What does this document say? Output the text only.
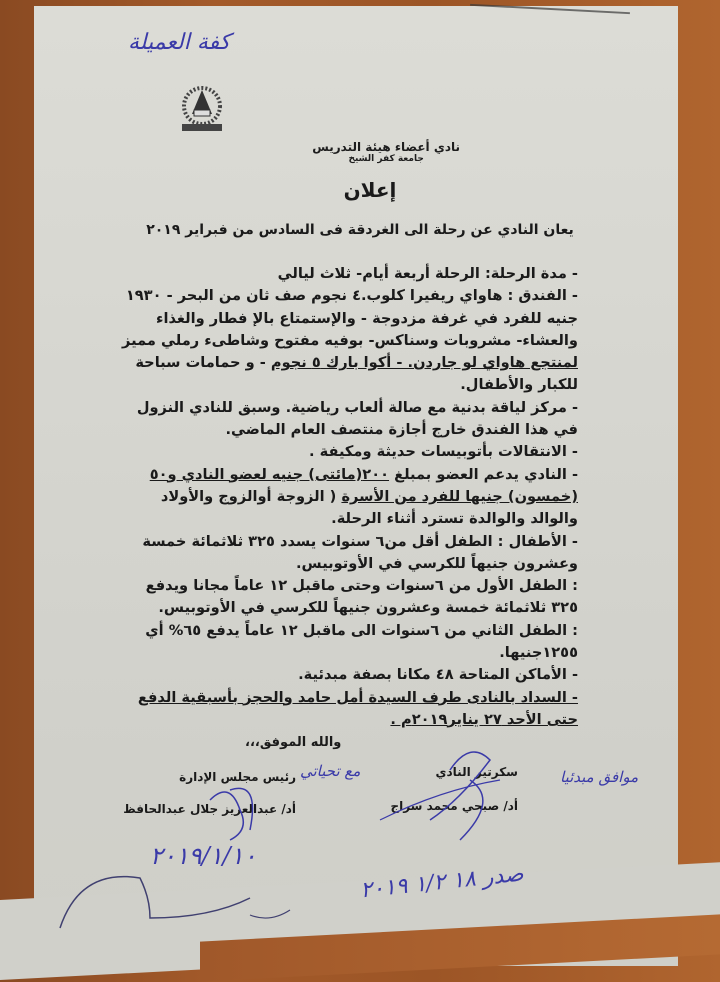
كفة العميلة
نادي أعضاء هيئة التدريس
جامعة كفر الشيخ
إعلان
يعان النادي عن رحلة الى الغردقة فى السادس من فبراير ٢٠١٩

- مدة الرحلة: الرحلة أربعة أيام- ثلاث ليالي

- الفندق : هاواي ريفيرا كلوب.٤ نجوم صف ثان من البحر - ١٩٣٠ جنيه للفرد في غرفة مزدوجة - والإستمتاع بالإ فطار والغذاء والعشاء- مشروبات وسناكس- بوفيه مفتوح وشاطىء رملي مميز لمنتجع هاواي لو جاردن. - أكوا بارك ٥ نجوم - و حمامات سباحة للكبار والأطفال.

- مركز لياقة بدنية مع صالة ألعاب رياضية. وسبق للنادي النزول في هذا الفندق خارج أجازة منتصف العام الماضي.

- الانتقالات بأتوبيسات حديثة ومكيفة .

- النادي يدعم العضو بمبلغ ٢٠٠(مائتى) جنيه لعضو النادي و٥٠ (خمسون) جنيها للفرد من الأسرة ( الزوجة أوالزوج والأولاد والوالد والوالدة تسترد أثناء الرحلة.

- الأطفال : الطفل أقل من٦ سنوات يسدد ٣٢٥ ثلاثمائة خمسة وعشرون جنيهاً للكرسي في الأوتوبيس.

: الطفل الأول من ٦سنوات وحتى ماقبل ١٢ عاماً مجانا ويدفع ٣٢٥ ثلاثمائة خمسة وعشرون جنيهاً للكرسي في الأوتوبيس.

: الطفل الثاني من ٦سنوات الى ماقبل ١٢ عاماً يدفع ٦٥% أي ١٢٥٥جنيها.

- الأماكن المتاحة ٤٨ مكانا بصفة مبدئية.

- السداد بالنادى طرف السيدة أمل حامد والحجز بأسبقية الدفع حتى الأحد ٢٧ يناير٢٠١٩م .

والله الموفق،،،
رئيس مجلس الإدارة
أد/ عبدالعزيز جلال عبدالحافظ
مع تحياتي
٢٠١٩/١/١٠
سكرتير النادي
أد/ صبحي محمد سراج
موافق مبدئيا
صدر ١٨ ١/٢ ٢٠١٩
